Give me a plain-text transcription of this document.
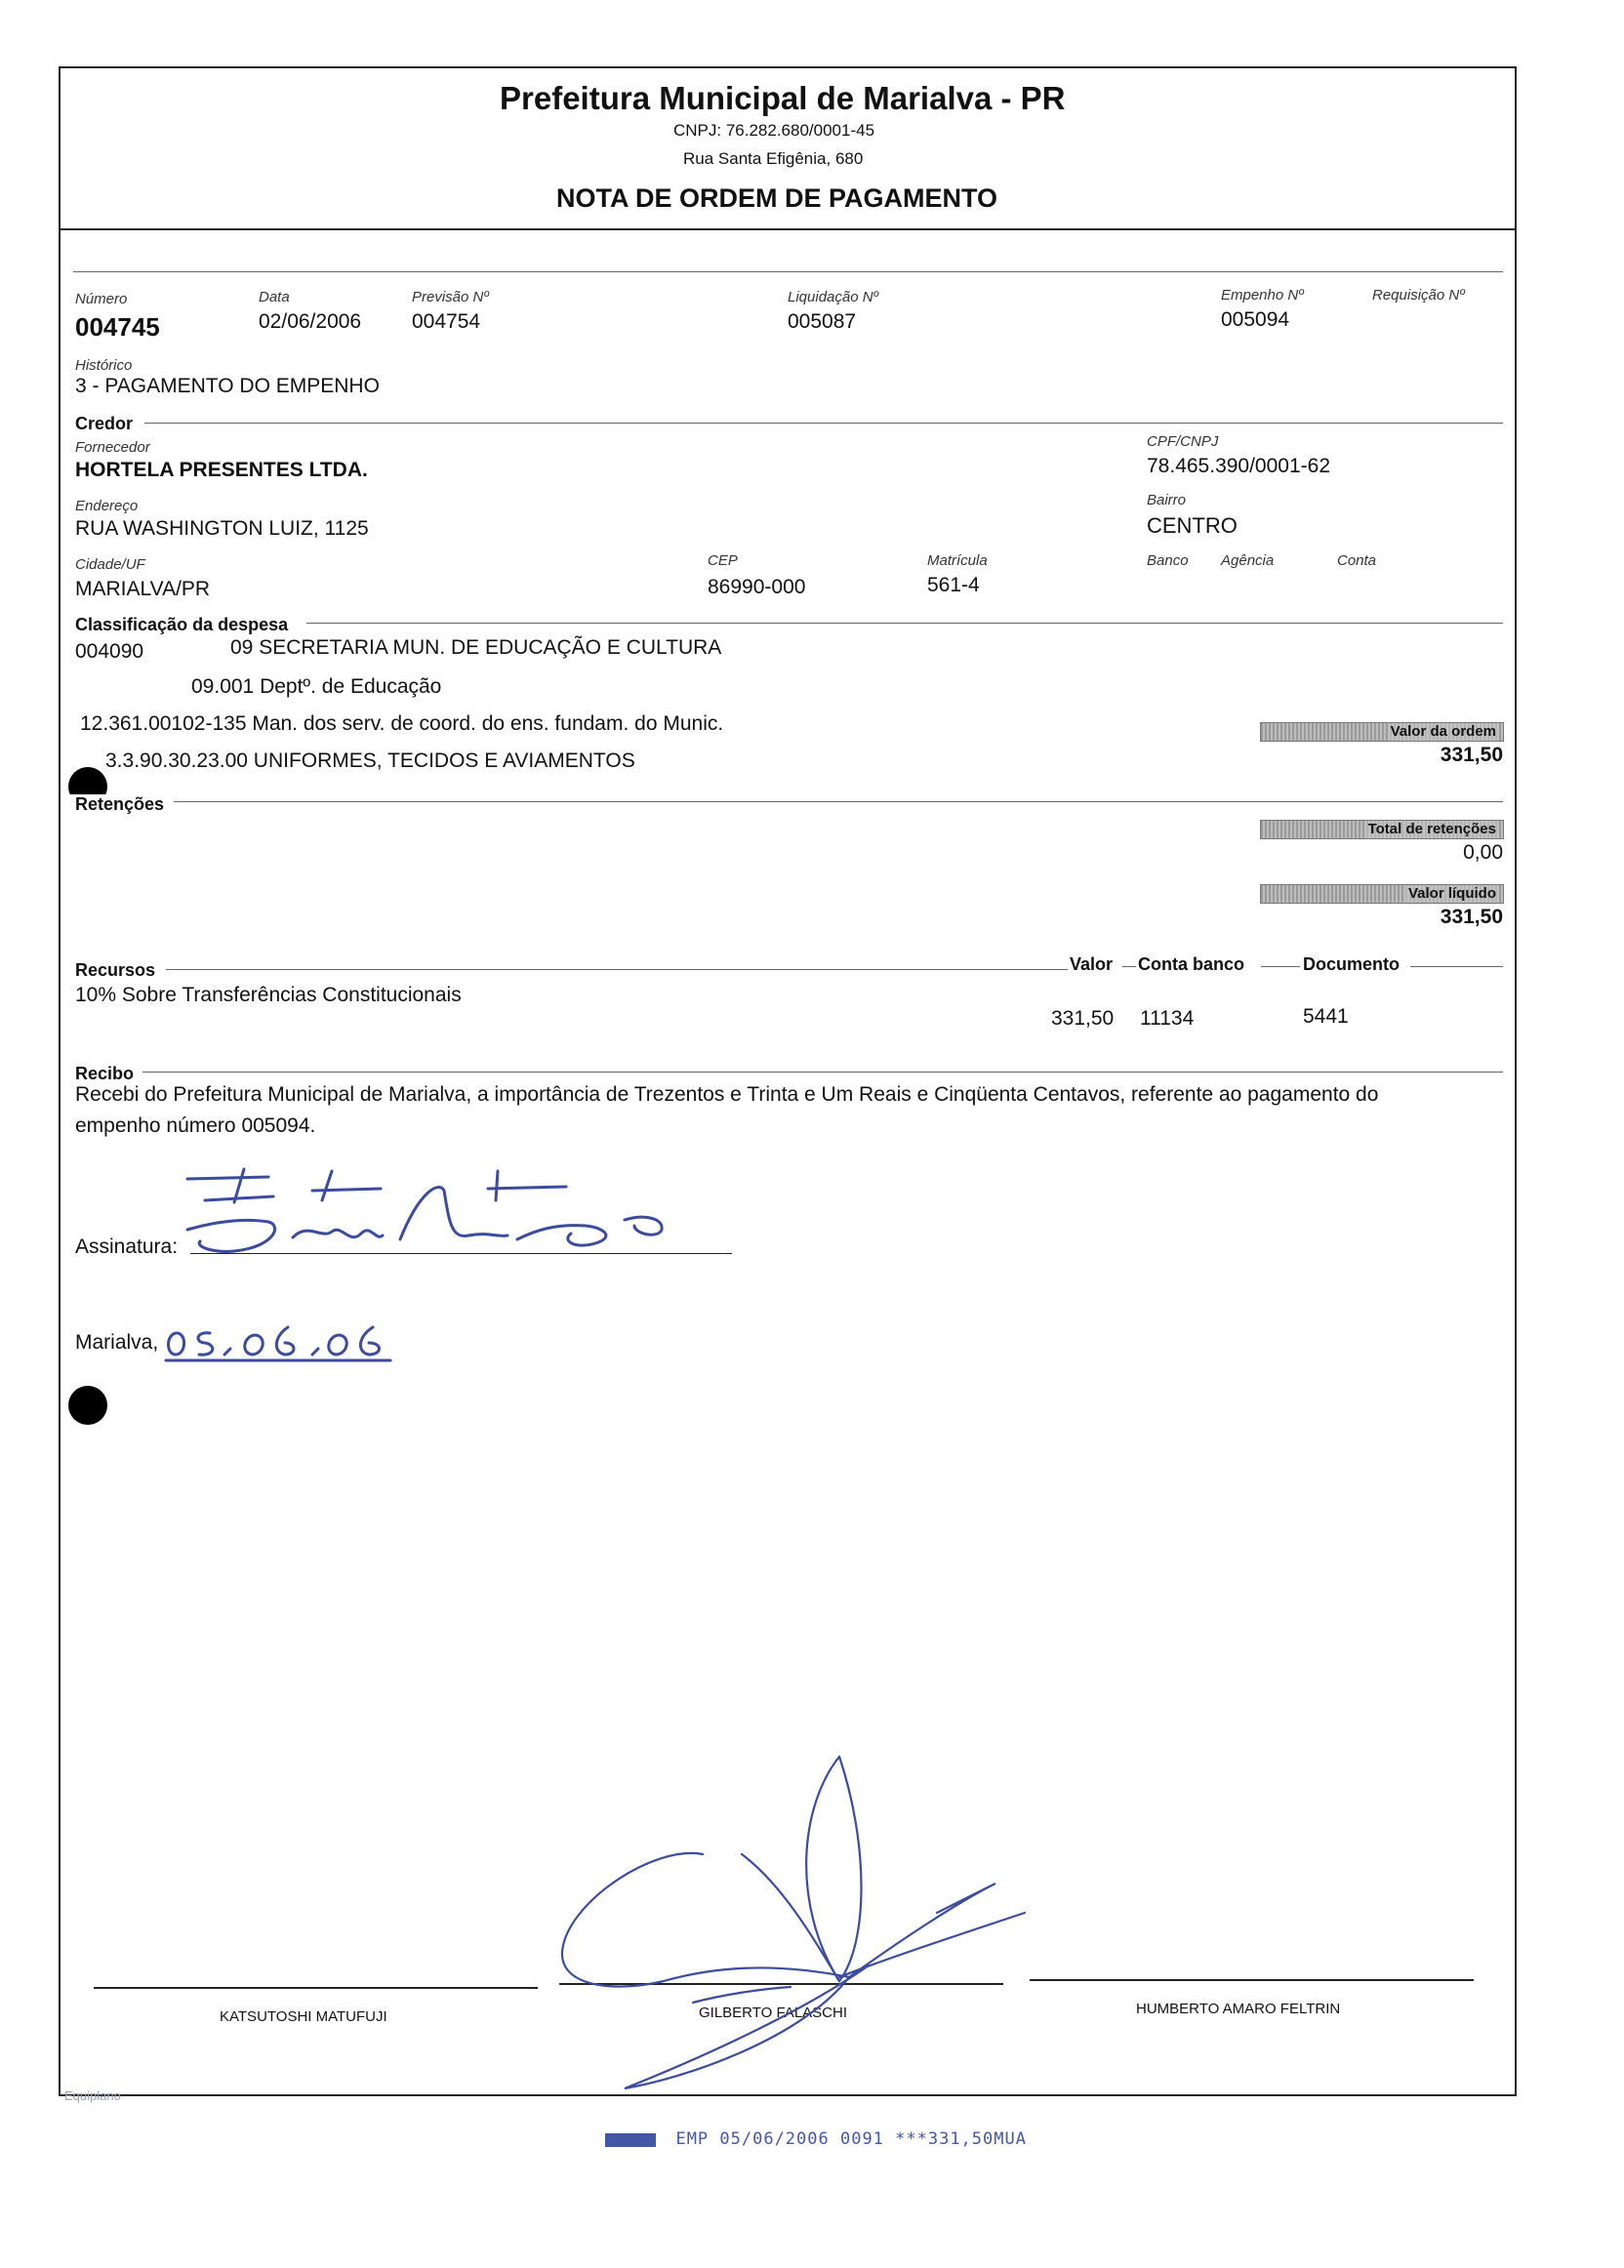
Prefeitura Municipal de Marialva - PR
CNPJ: 76.282.680/0001-45
Rua Santa Efigênia, 680
NOTA DE ORDEM DE PAGAMENTO
Número
004745
Data
02/06/2006
Previsão Nº
004754
Liquidação Nº
005087
Empenho Nº
005094
Requisição Nº
Histórico
3 - PAGAMENTO DO EMPENHO
Credor
Fornecedor
HORTELA PRESENTES LTDA.
CPF/CNPJ
78.465.390/0001-62
Endereço
RUA WASHINGTON LUIZ, 1125
Bairro
CENTRO
Cidade/UF
MARIALVA/PR
CEP
86990-000
Matrícula
561-4
Banco Agência	Conta
Classificação da despesa
004090	09 SECRETARIA MUN. DE EDUCAÇÃO E CULTURA
09.001 Deptº. de Educação
12.361.00102-135 Man. dos serv. de coord. do ens. fundam. do Munic.
3.3.90.30.23.00 UNIFORMES, TECIDOS E AVIAMENTOS
Valor da ordem
331,50
Retenções
Total de retenções
0,00
Valor líquido
331,50
Recursos	Valor Conta banco	Documento
10% Sobre Transferências Constitucionais
331,50 11134	5441
Recibo
Recebi do Prefeitura Municipal de Marialva, a importância de Trezentos e Trinta e Um Reais e Cinqüenta Centavos, referente ao pagamento do
empenho número 005094.
Assinatura:
Marialva,
KATSUTOSHI MATUFUJI	GILBERTO FALASCHI	HUMBERTO AMARO FELTRIN
Equiplano
EMP 05/06/2006 0091 ***331,50MUA
